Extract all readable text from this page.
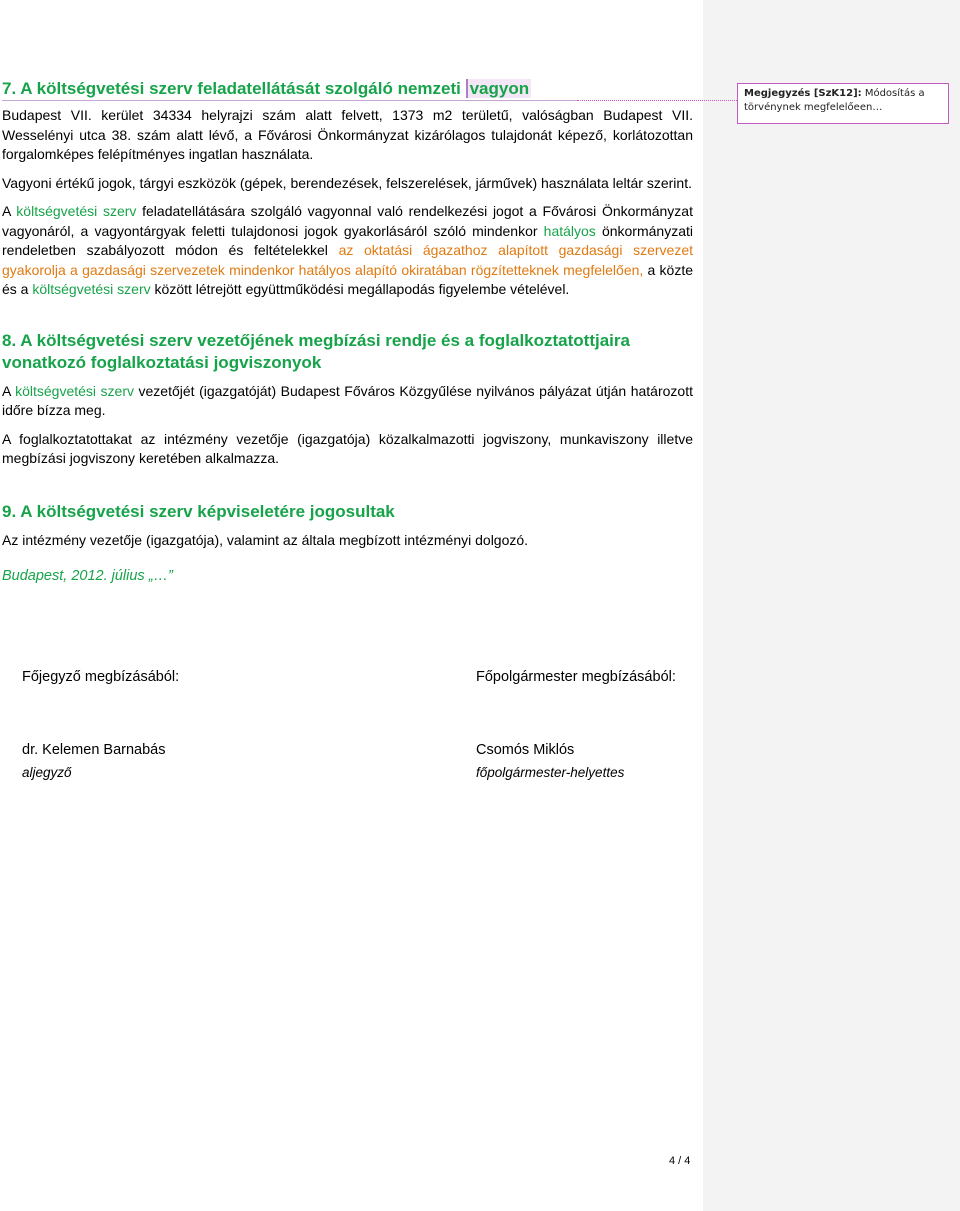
7. A költségvetési szerv feladatellátását szolgáló nemzeti vagyon

Budapest VII. kerület 34334 helyrajzi szám alatt felvett, 1373 m2 területű, valóságban Budapest VII. Wesselényi utca 38. szám alatt lévő, a Fővárosi Önkormányzat kizárólagos tulajdonát képező, korlátozottan forgalomképes felépítményes ingatlan használata.

Vagyoni értékű jogok, tárgyi eszközök (gépek, berendezések, felszerelések, járművek) használata leltár szerint.

A költségvetési szerv feladatellátására szolgáló vagyonnal való rendelkezési jogot a Fővárosi Önkormányzat vagyonáról, a vagyontárgyak feletti tulajdonosi jogok gyakorlásáról szóló mindenkor hatályos önkormányzati rendeletben szabályozott módon és feltételekkel az oktatási ágazathoz alapított gazdasági szervezet gyakorolja a gazdasági szervezetek mindenkor hatályos alapító okiratában rögzítetteknek megfelelően, a közte és a költségvetési szerv között létrejött együttműködési megállapodás figyelembe vételével.

8. A költségvetési szerv vezetőjének megbízási rendje és a foglalkoztatottjaira vonatkozó foglalkoztatási jogviszonyok

A költségvetési szerv vezetőjét (igazgatóját) Budapest Főváros Közgyűlése nyilvános pályázat útján határozott időre bízza meg.

A foglalkoztatottakat az intézmény vezetője (igazgatója) közalkalmazotti jogviszony, munkaviszony illetve megbízási jogviszony keretében alkalmazza.

9. A költségvetési szerv képviseletére jogosultak

Az intézmény vezetője (igazgatója), valamint az általa megbízott intézményi dolgozó.

Budapest, 2012. július „…”
Főjegyző megbízásából:	Főpolgármester megbízásából:
dr. Kelemen Barnabás
aljegyző
Csomós Miklós
főpolgármester-helyettes
4 / 4
Megjegyzés [SzK12]: Módosítás a törvénynek megfelelőeen…
